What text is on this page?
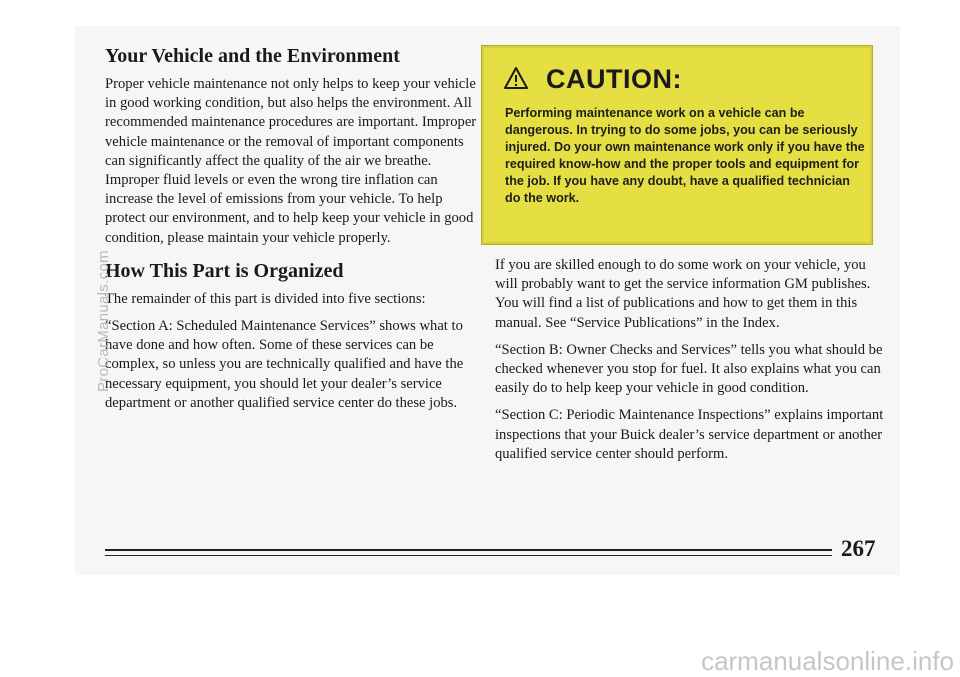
Your Vehicle and the Environment

Proper vehicle maintenance not only helps to keep your vehicle in good working condition, but also helps the environment. All recommended maintenance procedures are important. Improper vehicle maintenance or the removal of important components can significantly affect the quality of the air we breathe. Improper fluid levels or even the wrong tire inflation can increase the level of emissions from your vehicle. To help protect our environment, and to help keep your vehicle in good condition, please maintain your vehicle properly.

How This Part is Organized

The remainder of this part is divided into five sections:

“Section A: Scheduled Maintenance Services” shows what to have done and how often. Some of these services can be complex, so unless you are technically qualified and have the necessary equipment, you should let your dealer’s service department or another qualified service center do these jobs.

CAUTION:
Performing maintenance work on a vehicle can be dangerous. In trying to do some jobs, you can be seriously injured. Do your own maintenance work only if you have the required know-how and the proper tools and equipment for the job. If you have any doubt, have a qualified technician do the work.

If you are skilled enough to do some work on your vehicle, you will probably want to get the service information GM publishes. You will find a list of publications and how to get them in this manual. See “Service Publications” in the Index.

“Section B: Owner Checks and Services” tells you what should be checked whenever you stop for fuel. It also explains what you can easily do to help keep your vehicle in good condition.

“Section C: Periodic Maintenance Inspections” explains important inspections that your Buick dealer’s service department or another qualified service center should perform.

267
ProCarManuals.com
carmanualsonline.info
